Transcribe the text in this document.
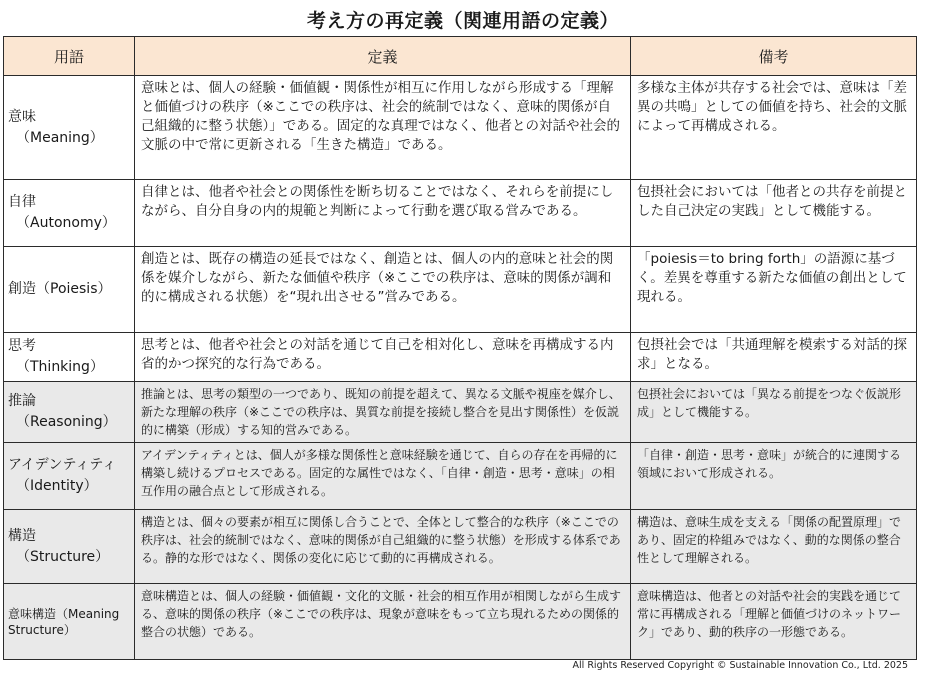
考え方の再定義（関連用語の定義）
用語	定義	備考

意味
（Meaning）	意味とは、個人の経験・価値観・関係性が相互に作用しながら形成する「理解と価値づけの秩序（※ここでの秩序は、社会的統制ではなく、意味的関係が自己組織的に整う状態）」である。固定的な真理ではなく、他者との対話や社会的文脈の中で常に更新される「生きた構造」である。	多様な主体が共存する社会では、意味は「差異の共鳴」としての価値を持ち、社会的文脈によって再構成される。

自律
（Autonomy）	自律とは、他者や社会との関係性を断ち切ることではなく、それらを前提にしながら、自分自身の内的規範と判断によって行動を選び取る営みである。	包摂社会においては「他者との共存を前提とした自己決定の実践」として機能する。

創造（Poiesis）	創造とは、既存の構造の延長ではなく、創造とは、個人の内的意味と社会的関係を媒介しながら、新たな価値や秩序（※ここでの秩序は、意味的関係が調和的に構成される状態）を“現れ出させる”営みである。	「poiesis＝to bring forth」の語源に基づく。差異を尊重する新たな価値の創出として現れる。

思考
（Thinking）	思考とは、他者や社会との対話を通じて自己を相対化し、意味を再構成する内省的かつ探究的な行為である。	包摂社会では「共通理解を模索する対話的探求」となる。

推論
（Reasoning）	推論とは、思考の類型の一つであり、既知の前提を超えて、異なる文脈や視座を媒介し、新たな理解の秩序（※ここでの秩序は、異質な前提を接続し整合を見出す関係性）を仮説的に構築（形成）する知的営みである。	包摂社会においては「異なる前提をつなぐ仮説形成」として機能する。

アイデンティティ
（Identity）	アイデンティティとは、個人が多様な関係性と意味経験を通じて、自らの存在を再帰的に構築し続けるプロセスである。固定的な属性ではなく、「自律・創造・思考・意味」の相互作用の融合点として形成される。	「自律・創造・思考・意味」が統合的に連関する領域において形成される。

構造
（Structure）	構造とは、個々の要素が相互に関係し合うことで、全体として整合的な秩序（※ここでの秩序は、社会的統制ではなく、意味的関係が自己組織的に整う状態）を形成する体系である。静的な形ではなく、関係の変化に応じて動的に再構成される。	構造は、意味生成を支える「関係の配置原理」であり、固定的枠組みではなく、動的な関係の整合性として理解される。

意味構造（Meaning Structure）	意味構造とは、個人の経験・価値観・文化的文脈・社会的相互作用が相関しながら生成する、意味的関係の秩序（※ここでの秩序は、現象が意味をもって立ち現れるための関係的整合の状態）である。	意味構造は、他者との対話や社会的実践を通じて常に再構成される「理解と価値づけのネットワーク」であり、動的秩序の一形態である。
All Rights Reserved Copyright © Sustainable Innovation Co., Ltd. 2025
